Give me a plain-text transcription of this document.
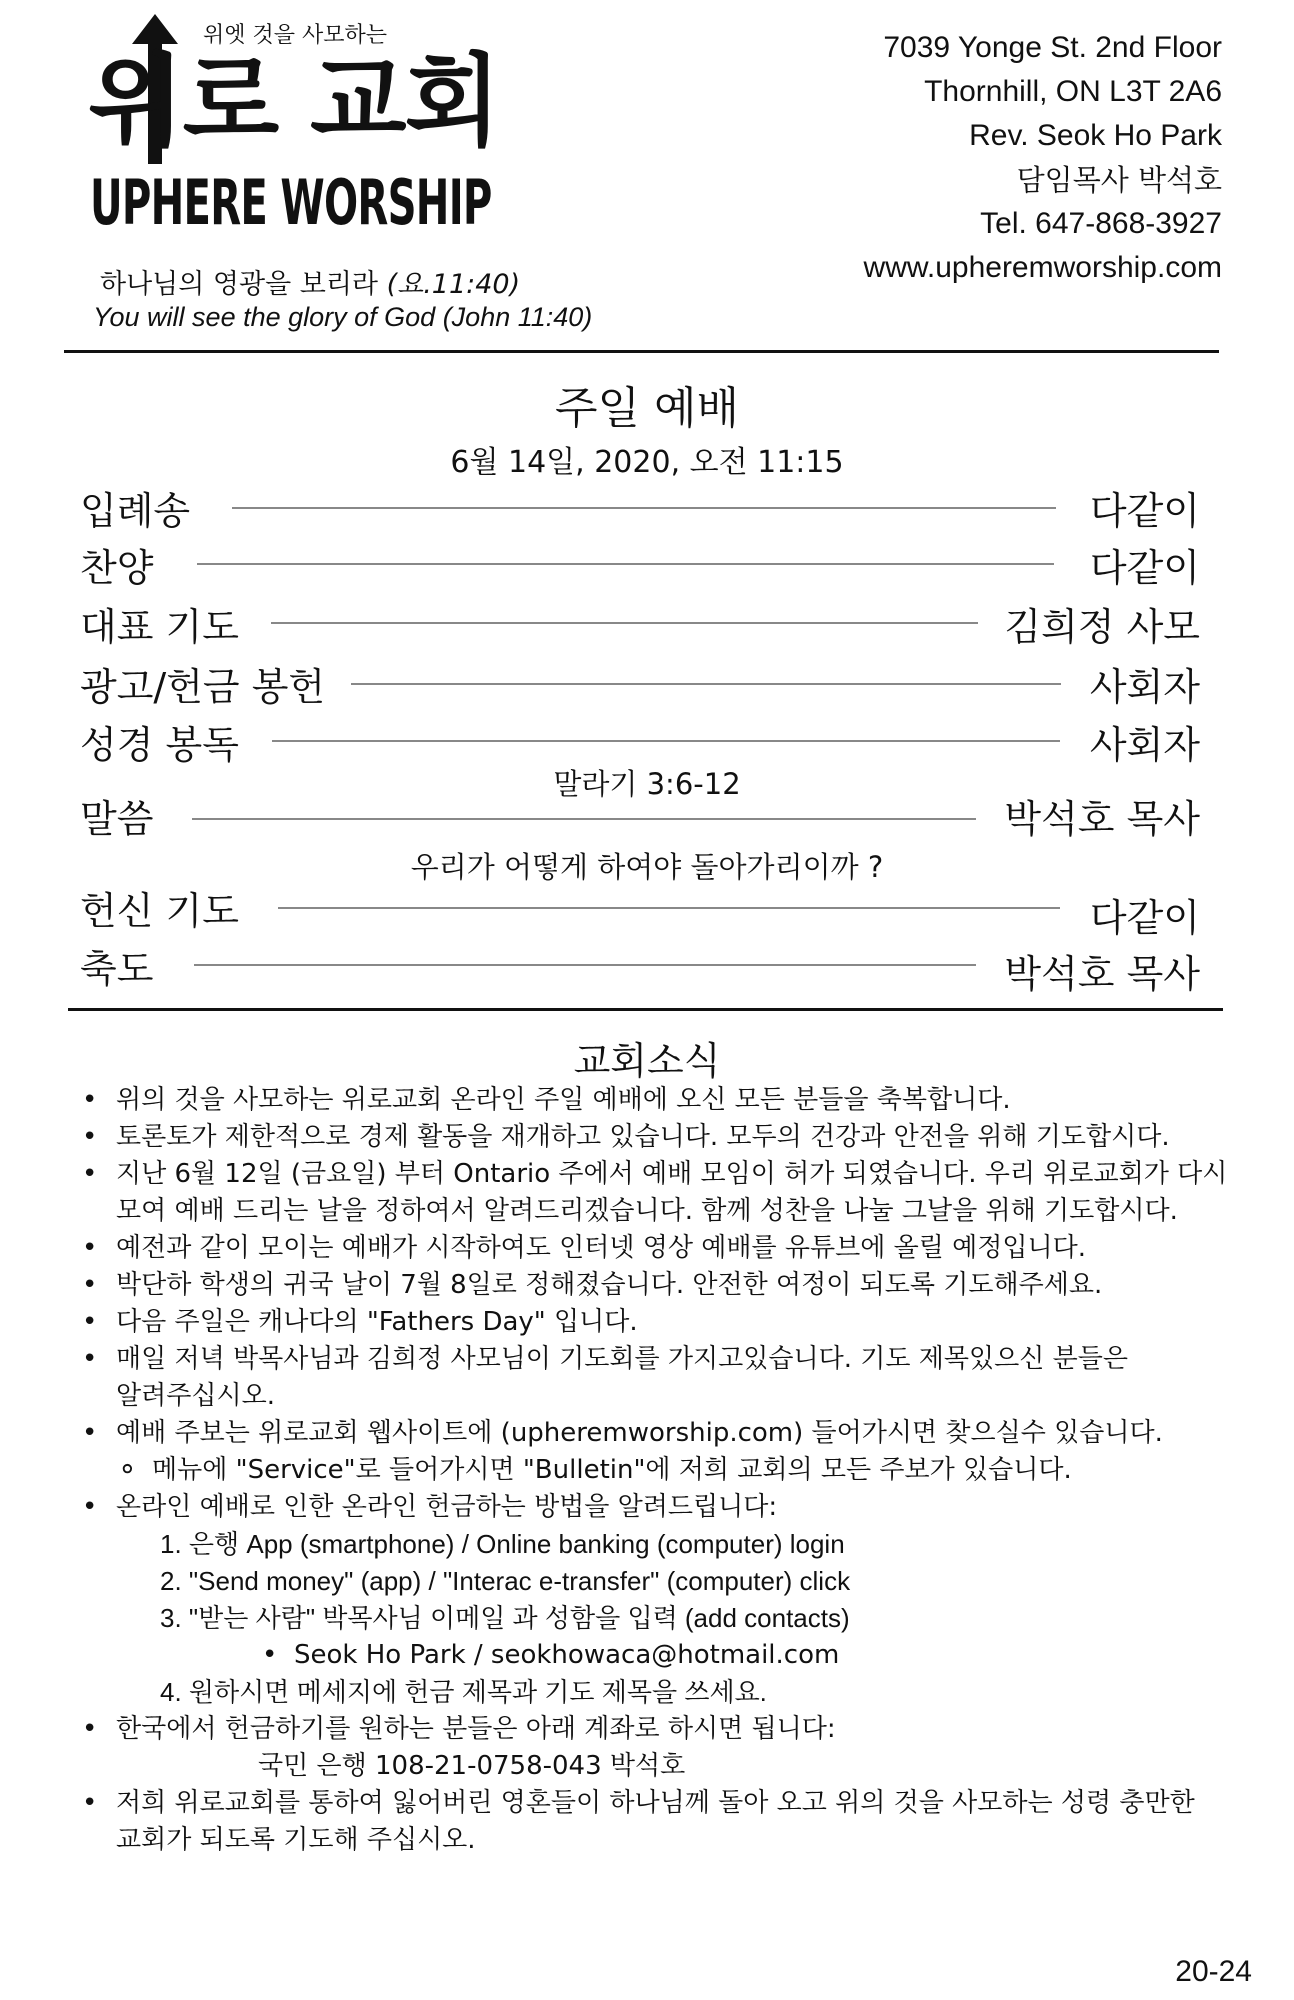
위엣 것을 사모하는
위로 교회
UPHERE WORSHIP
하나님의 영광을 보리라 (요.11:40)
You will see the glory of God (John 11:40)
7039 Yonge St. 2nd Floor
Thornhill, ON L3T 2A6
Rev. Seok Ho Park
담임목사 박석호
Tel. 647-868-3927
www.upheremworship.com
주일 예배
6월 14일, 2020, 오전 11:15
입례송	다같이
찬양	다같이
대표 기도	김희정 사모
광고/헌금 봉헌	사회자
성경 봉독	사회자
말라기 3:6-12
말씀	박석호 목사
우리가 어떻게 하여야 돌아가리이까 ?
헌신 기도	다같이
축도	박석호 목사
교회소식
• 위의 것을 사모하는 위로교회 온라인 주일 예배에 오신 모든 분들을 축복합니다.
• 토론토가 제한적으로 경제 활동을 재개하고 있습니다. 모두의 건강과 안전을 위해 기도합시다.
• 지난 6월 12일 (금요일) 부터 Ontario 주에서 예배 모임이 허가 되였습니다. 우리 위로교회가 다시
모여 예배 드리는 날을 정하여서 알려드리겠습니다. 함께 성찬을 나눌 그날을 위해 기도합시다.
• 예전과 같이 모이는 예배가 시작하여도 인터넷 영상 예배를 유튜브에 올릴 예정입니다.
• 박단하 학생의 귀국 날이 7월 8일로 정해졌습니다. 안전한 여정이 되도록 기도해주세요.
• 다음 주일은 캐나다의 "Fathers Day" 입니다.
• 매일 저녁 박목사님과 김희정 사모님이 기도회를 가지고있습니다. 기도 제목있으신 분들은
알려주십시오.
• 예배 주보는 위로교회 웹사이트에 (upheremworship.com) 들어가시면 찾으실수 있습니다.
∘ 메뉴에 "Service"로 들어가시면 "Bulletin"에 저희 교회의 모든 주보가 있습니다.
• 온라인 예배로 인한 온라인 헌금하는 방법을 알려드립니다:
1. 은행 App (smartphone) / Online banking (computer) login
2. "Send money" (app) / "Interac e-transfer" (computer) click
3. "받는 사람" 박목사님 이메일 과 성함을 입력 (add contacts)
• Seok Ho Park / seokhowaca@hotmail.com
4. 원하시면 메세지에 헌금 제목과 기도 제목을 쓰세요.
• 한국에서 헌금하기를 원하는 분들은 아래 계좌로 하시면 됩니다:
국민 은행 108-21-0758-043 박석호
• 저희 위로교회를 통하여 잃어버린 영혼들이 하나님께 돌아 오고 위의 것을 사모하는 성령 충만한
교회가 되도록 기도해 주십시오.
20-24
